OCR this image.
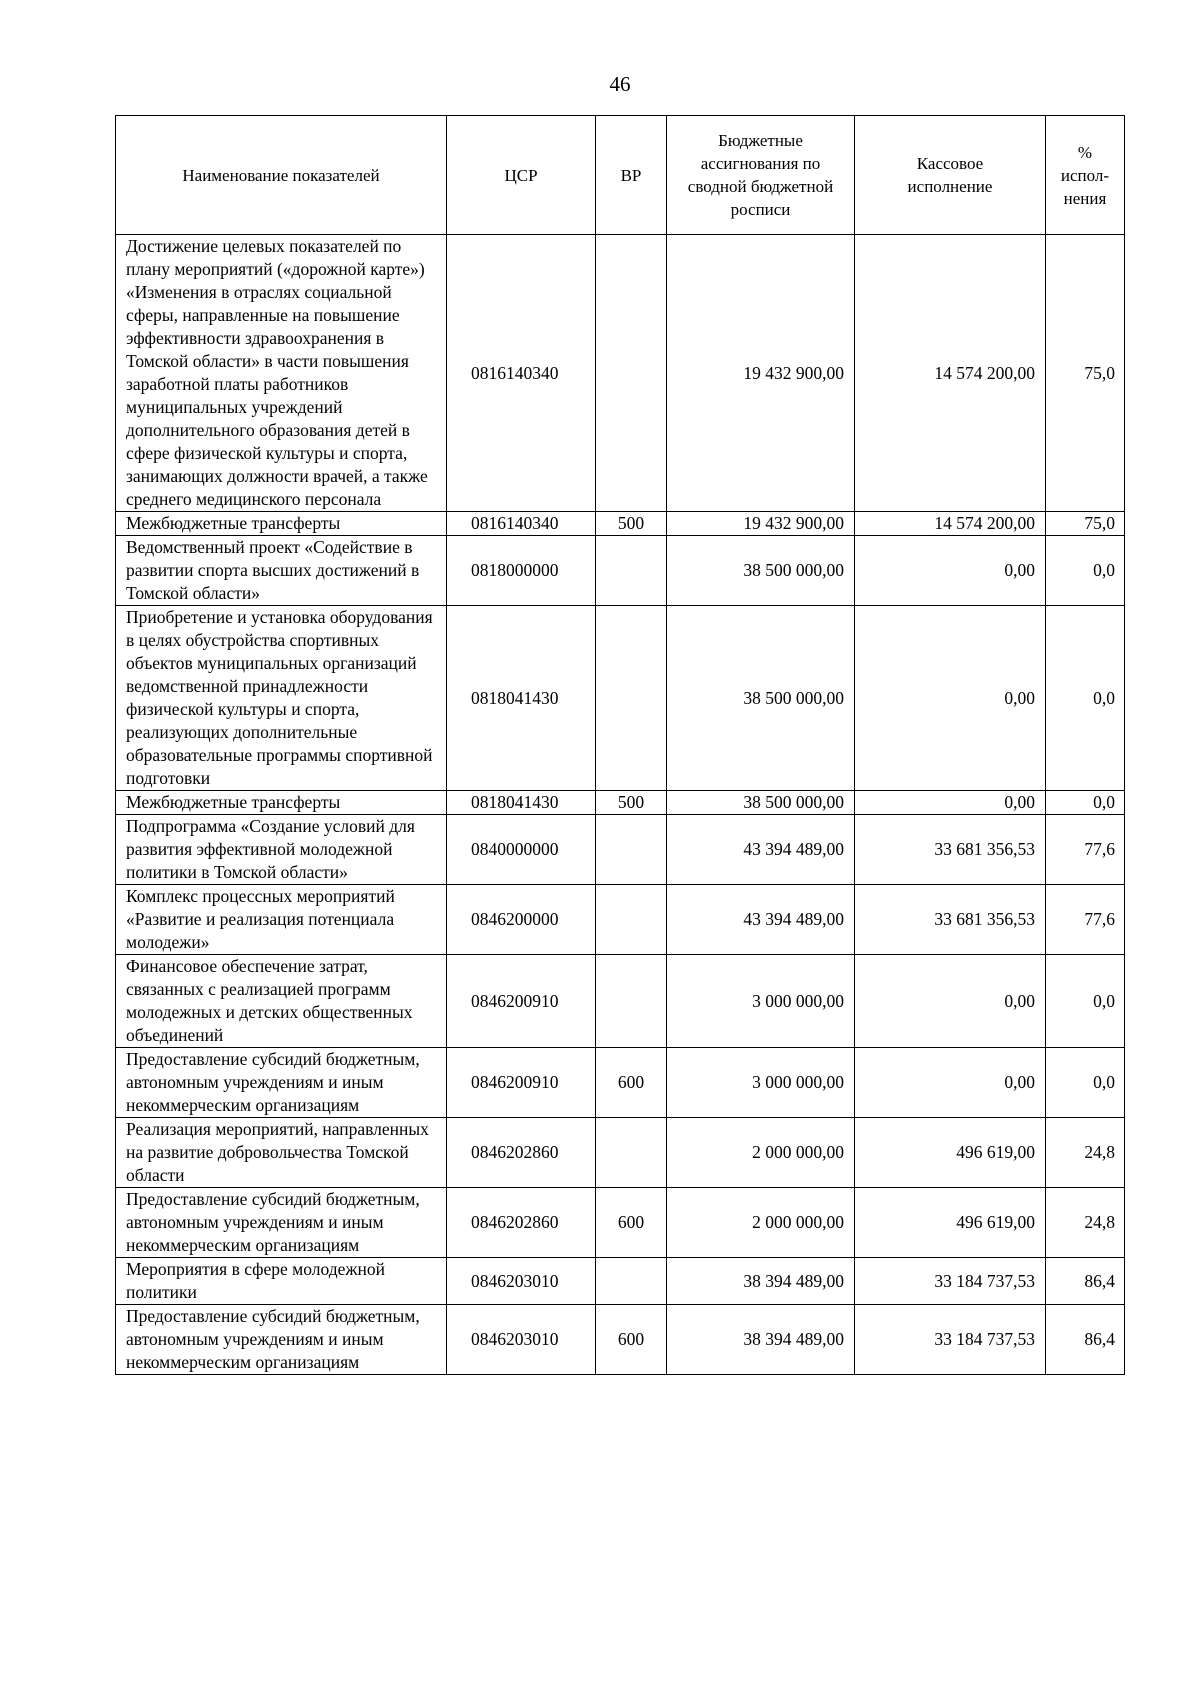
46
Наименование показателей	ЦСР	ВР	Бюджетные ассигнования по сводной бюджетной росписи	Кассовое исполнение	% испол-нения
Достижение целевых показателей по плану мероприятий («дорожной карте») «Изменения в отраслях социальной сферы, направленные на повышение эффективности здравоохранения в Томской области» в части повышения заработной платы работников муниципальных учреждений дополнительного образования детей в сфере физической культуры и спорта, занимающих должности врачей, а также среднего медицинского персонала	0816140340		19 432 900,00	14 574 200,00	75,0
Межбюджетные трансферты	0816140340	500	19 432 900,00	14 574 200,00	75,0
Ведомственный проект «Содействие в развитии спорта высших достижений в Томской области»	0818000000		38 500 000,00	0,00	0,0
Приобретение и установка оборудования в целях обустройства спортивных объектов муниципальных организаций ведомственной принадлежности физической культуры и спорта, реализующих дополнительные образовательные программы спортивной подготовки	0818041430		38 500 000,00	0,00	0,0
Межбюджетные трансферты	0818041430	500	38 500 000,00	0,00	0,0
Подпрограмма «Создание условий для развития эффективной молодежной политики в Томской области»	0840000000		43 394 489,00	33 681 356,53	77,6
Комплекс процессных мероприятий «Развитие и реализация потенциала молодежи»	0846200000		43 394 489,00	33 681 356,53	77,6
Финансовое обеспечение затрат, связанных с реализацией программ молодежных и детских общественных объединений	0846200910		3 000 000,00	0,00	0,0
Предоставление субсидий бюджетным, автономным учреждениям и иным некоммерческим организациям	0846200910	600	3 000 000,00	0,00	0,0
Реализация мероприятий, направленных на развитие добровольчества Томской области	0846202860		2 000 000,00	496 619,00	24,8
Предоставление субсидий бюджетным, автономным учреждениям и иным некоммерческим организациям	0846202860	600	2 000 000,00	496 619,00	24,8
Мероприятия в сфере молодежной политики	0846203010		38 394 489,00	33 184 737,53	86,4
Предоставление субсидий бюджетным, автономным учреждениям и иным некоммерческим организациям	0846203010	600	38 394 489,00	33 184 737,53	86,4
